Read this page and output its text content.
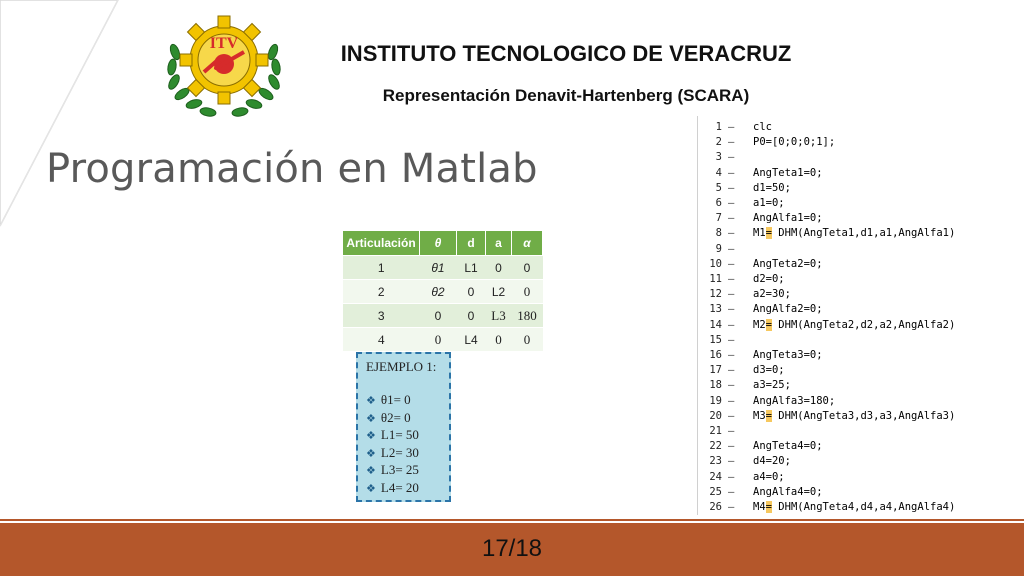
ITV	INSTITUTO TECNOLOGICO DE VERACRUZ
Representación Denavit-Hartenberg (SCARA)
Programación en Matlab
Articulación	θ	d	a	α
1	θ1	L1	0	0
2	θ2	0	L2	0
3	0	0	L3	180
4	0	L4	0	0
EJEMPLO 1:
❖ θ1= 0
❖ θ2= 0
❖ L1= 50
❖ L2= 30
❖ L3= 25
❖ L4= 20
1 — clc
2 — P0=[0;0;0;1];
3 —
4 — AngTeta1=0;
5 — d1=50;
6 — a1=0;
7 — AngAlfa1=0;
8 — M1= DHM(AngTeta1,d1,a1,AngAlfa1)
9 —
10 — AngTeta2=0;
11 — d2=0;
12 — a2=30;
13 — AngAlfa2=0;
14 — M2= DHM(AngTeta2,d2,a2,AngAlfa2)
15 —
16 — AngTeta3=0;
17 — d3=0;
18 — a3=25;
19 — AngAlfa3=180;
20 — M3= DHM(AngTeta3,d3,a3,AngAlfa3)
21 —
22 — AngTeta4=0;
23 — d4=20;
24 — a4=0;
25 — AngAlfa4=0;
26 — M4= DHM(AngTeta4,d4,a4,AngAlfa4)
17/18
